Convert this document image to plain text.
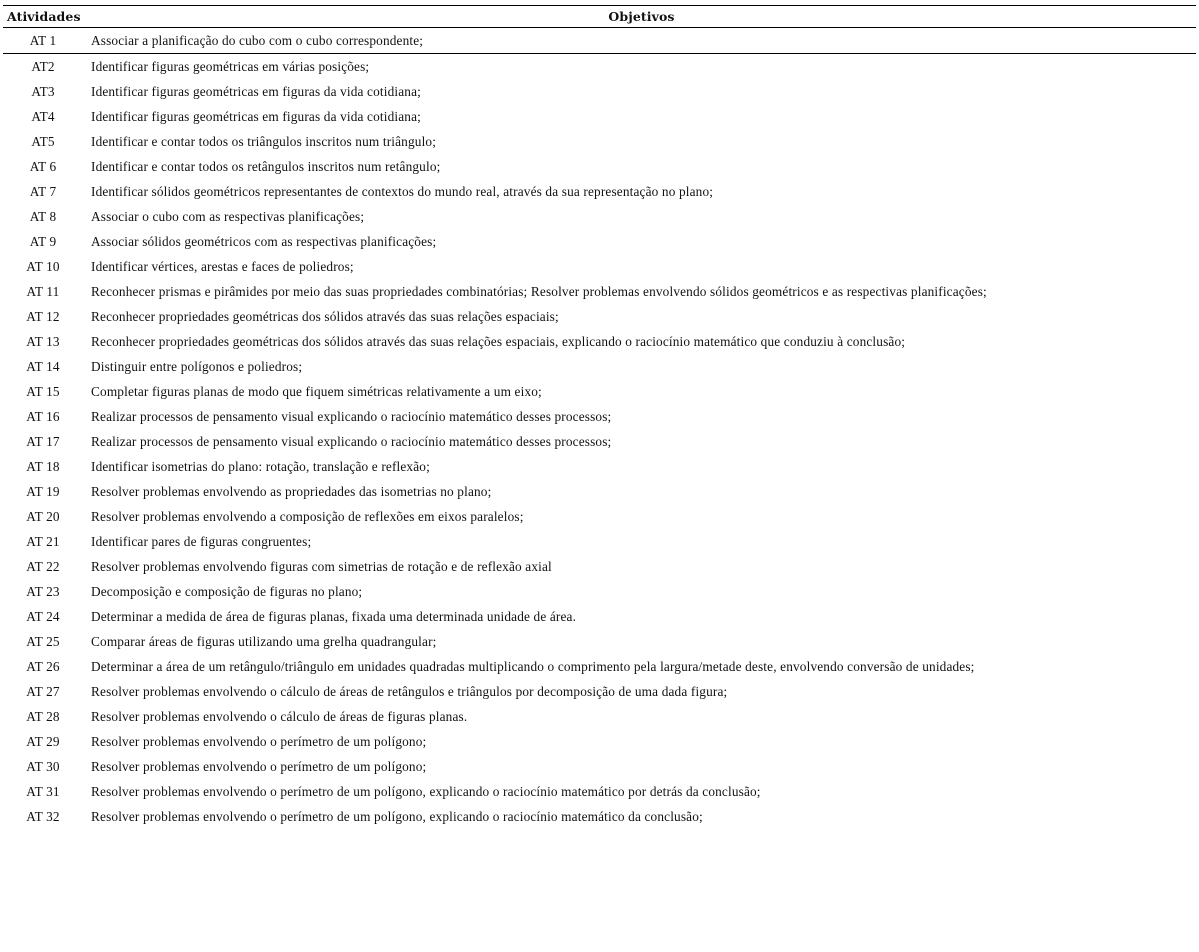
Atividades	Objetivos
AT 1	Associar a planificação do cubo com o cubo correspondente;
AT2	Identificar figuras geométricas em várias posições;
AT3	Identificar figuras geométricas em figuras da vida cotidiana;
AT4	Identificar figuras geométricas em figuras da vida cotidiana;
AT5	Identificar e contar todos os triângulos inscritos num triângulo;
AT 6	Identificar e contar todos os retângulos inscritos num retângulo;
AT 7	Identificar sólidos geométricos representantes de contextos do mundo real, através da sua representação no plano;
AT 8	Associar o cubo com as respectivas planificações;
AT 9	Associar sólidos geométricos com as respectivas planificações;
AT 10	Identificar vértices, arestas e faces de poliedros;
AT 11	Reconhecer prismas e pirâmides por meio das suas propriedades combinatórias; Resolver problemas envolvendo sólidos geométricos e as respectivas planificações;
AT 12	Reconhecer propriedades geométricas dos sólidos através das suas relações espaciais;
AT 13	Reconhecer propriedades geométricas dos sólidos através das suas relações espaciais, explicando o raciocínio matemático que conduziu à conclusão;
AT 14	Distinguir entre polígonos e poliedros;
AT 15	Completar figuras planas de modo que fiquem simétricas relativamente a um eixo;
AT 16	Realizar processos de pensamento visual explicando o raciocínio matemático desses processos;
AT 17	Realizar processos de pensamento visual explicando o raciocínio matemático desses processos;
AT 18	Identificar isometrias do plano: rotação, translação e reflexão;
AT 19	Resolver problemas envolvendo as propriedades das isometrias no plano;
AT 20	Resolver problemas envolvendo a composição de reflexões em eixos paralelos;
AT 21	Identificar pares de figuras congruentes;
AT 22	Resolver problemas envolvendo figuras com simetrias de rotação e de reflexão axial
AT 23	Decomposição e composição de figuras no plano;
AT 24	Determinar a medida de área de figuras planas, fixada uma determinada unidade de área.
AT 25	Comparar áreas de figuras utilizando uma grelha quadrangular;
AT 26	Determinar a área de um retângulo/triângulo em unidades quadradas multiplicando o comprimento pela largura/metade deste, envolvendo conversão de unidades;
AT 27	Resolver problemas envolvendo o cálculo de áreas de retângulos e triângulos por decomposição de uma dada figura;
AT 28	Resolver problemas envolvendo o cálculo de áreas de figuras planas.
AT 29	Resolver problemas envolvendo o perímetro de um polígono;
AT 30	Resolver problemas envolvendo o perímetro de um polígono;
AT 31	Resolver problemas envolvendo o perímetro de um polígono, explicando o raciocínio matemático por detrás da conclusão;
AT 32	Resolver problemas envolvendo o perímetro de um polígono, explicando o raciocínio matemático da conclusão;
